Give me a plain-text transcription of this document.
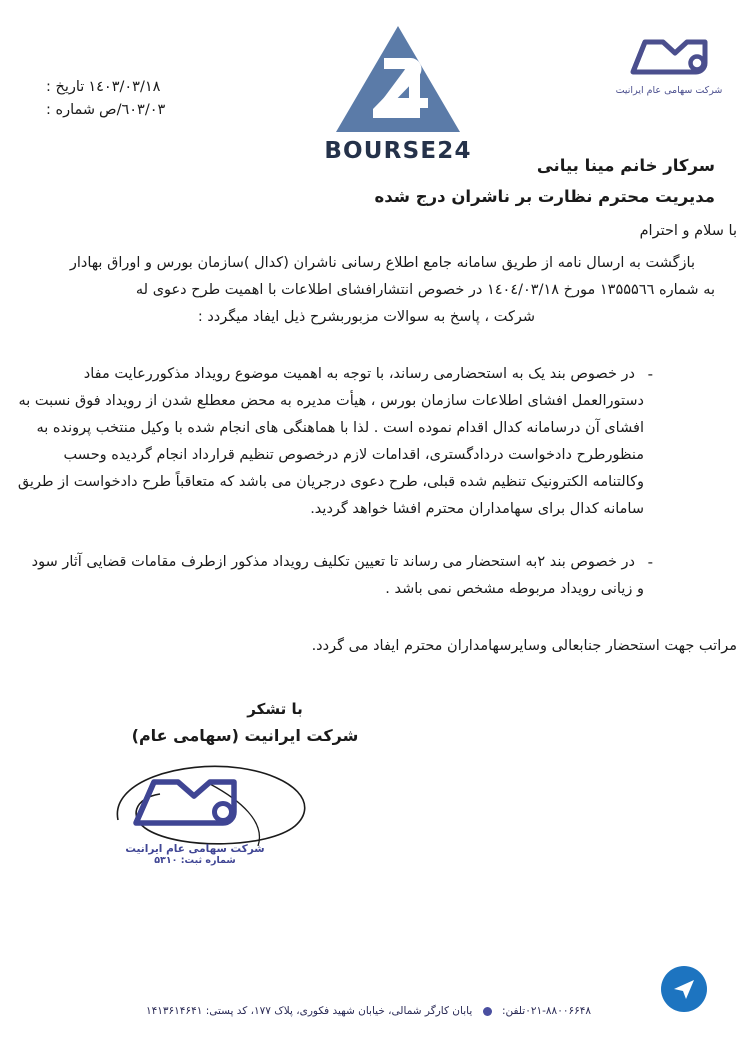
۱٤۰۳/۰۳/۱۸تاریخ :
۰۳/٦۰۳/صشماره :
BOURSE24
شرکت سهامی عام ایرانیت
سرکار خانم مینا بیانی
مدیریت محترم نظارت بر ناشران درج شده
با سلام و احترام
بازگشت به ارسال نامه از طریق سامانه جامع اطلاع رسانی ناشران (کدال )سازمان بورس و اوراق بهادار
به شماره ۱۳۵۵۵٦٦ مورخ ۱٤۰٤/۰۳/۱۸ در خصوص انتشارافشای اطلاعات با اهمیت طرح دعوی له
شرکت ، پاسخ به سوالات مزبوربشرح ذیل ایفاد میگردد :
-
در خصوص بند یک به استحضارمی رساند، با توجه به اهمیت موضوع رویداد مذکوررعایت مفاد
دستورالعمل افشای اطلاعات سازمان بورس ، هیأت مدیره به محض معطلع شدن از رویداد فوق نسبت به
افشای آن درسامانه کدال اقدام نموده است . لذا با هماهنگی های انجام شده با وکیل منتخب پرونده به
منظورطرح دادخواست دردادگستری، اقدامات لازم درخصوص تنظیم قرارداد انجام گردیده وحسب
وکالتنامه الکترونیک تنظیم شده قبلی، طرح دعوی درجریان می باشد که متعاقباً طرح دادخواست از طریق
سامانه کدال برای سهامداران محترم افشا خواهد گردید.
-
در خصوص بند ۲به استحضار می رساند تا تعیین تکلیف رویداد مذکور ازطرف مقامات قضایی آثار سود
و زیانی رویداد مربوطه مشخص نمی باشد .
مراتب جهت استحضار جنابعالی وسایرسهامداران محترم ایفاد می گردد.
با تشکر
شرکت ایرانیت (سهامی عام)
شرکت سهامی عام ایرانیت
شماره ثبت: ۵۳۱۰
۰۲۱-۸۸۰۰۶۶۴۸تلفن:  یابان کارگر شمالی، خیابان شهید فکوری، پلاک ۱۷۷، کد پستی: ۱۴۱۳۶۱۴۶۴۱
